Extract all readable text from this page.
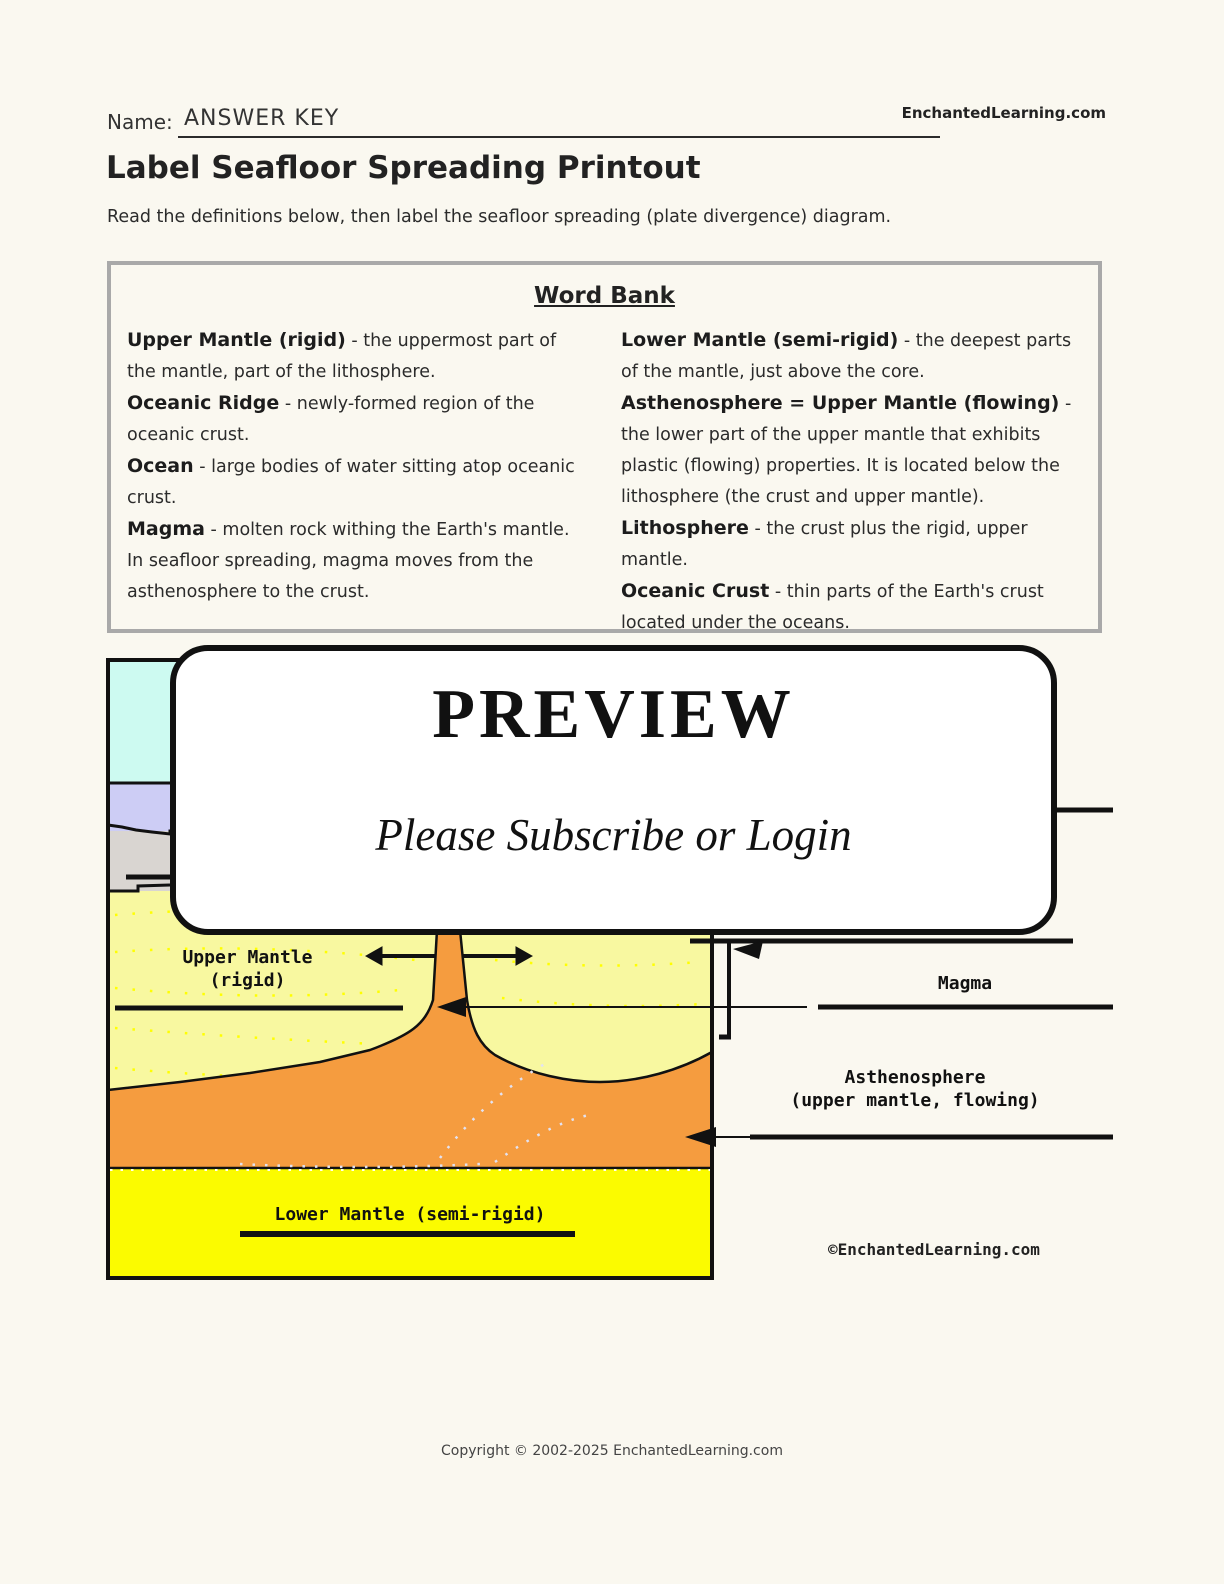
Name: ANSWER KEY	EnchantedLearning.com
Label Seafloor Spreading Printout
Read the definitions below, then label the seafloor spreading (plate divergence) diagram.
Word Bank

Upper Mantle (rigid) - the uppermost part of the mantle, part of the lithosphere.

Oceanic Ridge - newly-formed region of the oceanic crust.

Ocean - large bodies of water sitting atop oceanic crust.

Magma - molten rock withing the Earth's mantle. In seafloor spreading, magma moves from the asthenosphere to the crust.

Lower Mantle (semi-rigid) - the deepest parts of the mantle, just above the core.

Asthenosphere = Upper Mantle (flowing) - the lower part of the upper mantle that exhibits plastic (flowing) properties. It is located below the lithosphere (the crust and upper mantle).

Lithosphere - the crust plus the rigid, upper mantle.

Oceanic Crust - thin parts of the Earth's crust located under the oceans.

Upper Mantle
(rigid)	Magma
Asthenosphere
(upper mantle, flowing)
Lower Mantle (semi-rigid)
©EnchantedLearning.com
PREVIEW
Please Subscribe or Login
Copyright © 2002-2025 EnchantedLearning.com
